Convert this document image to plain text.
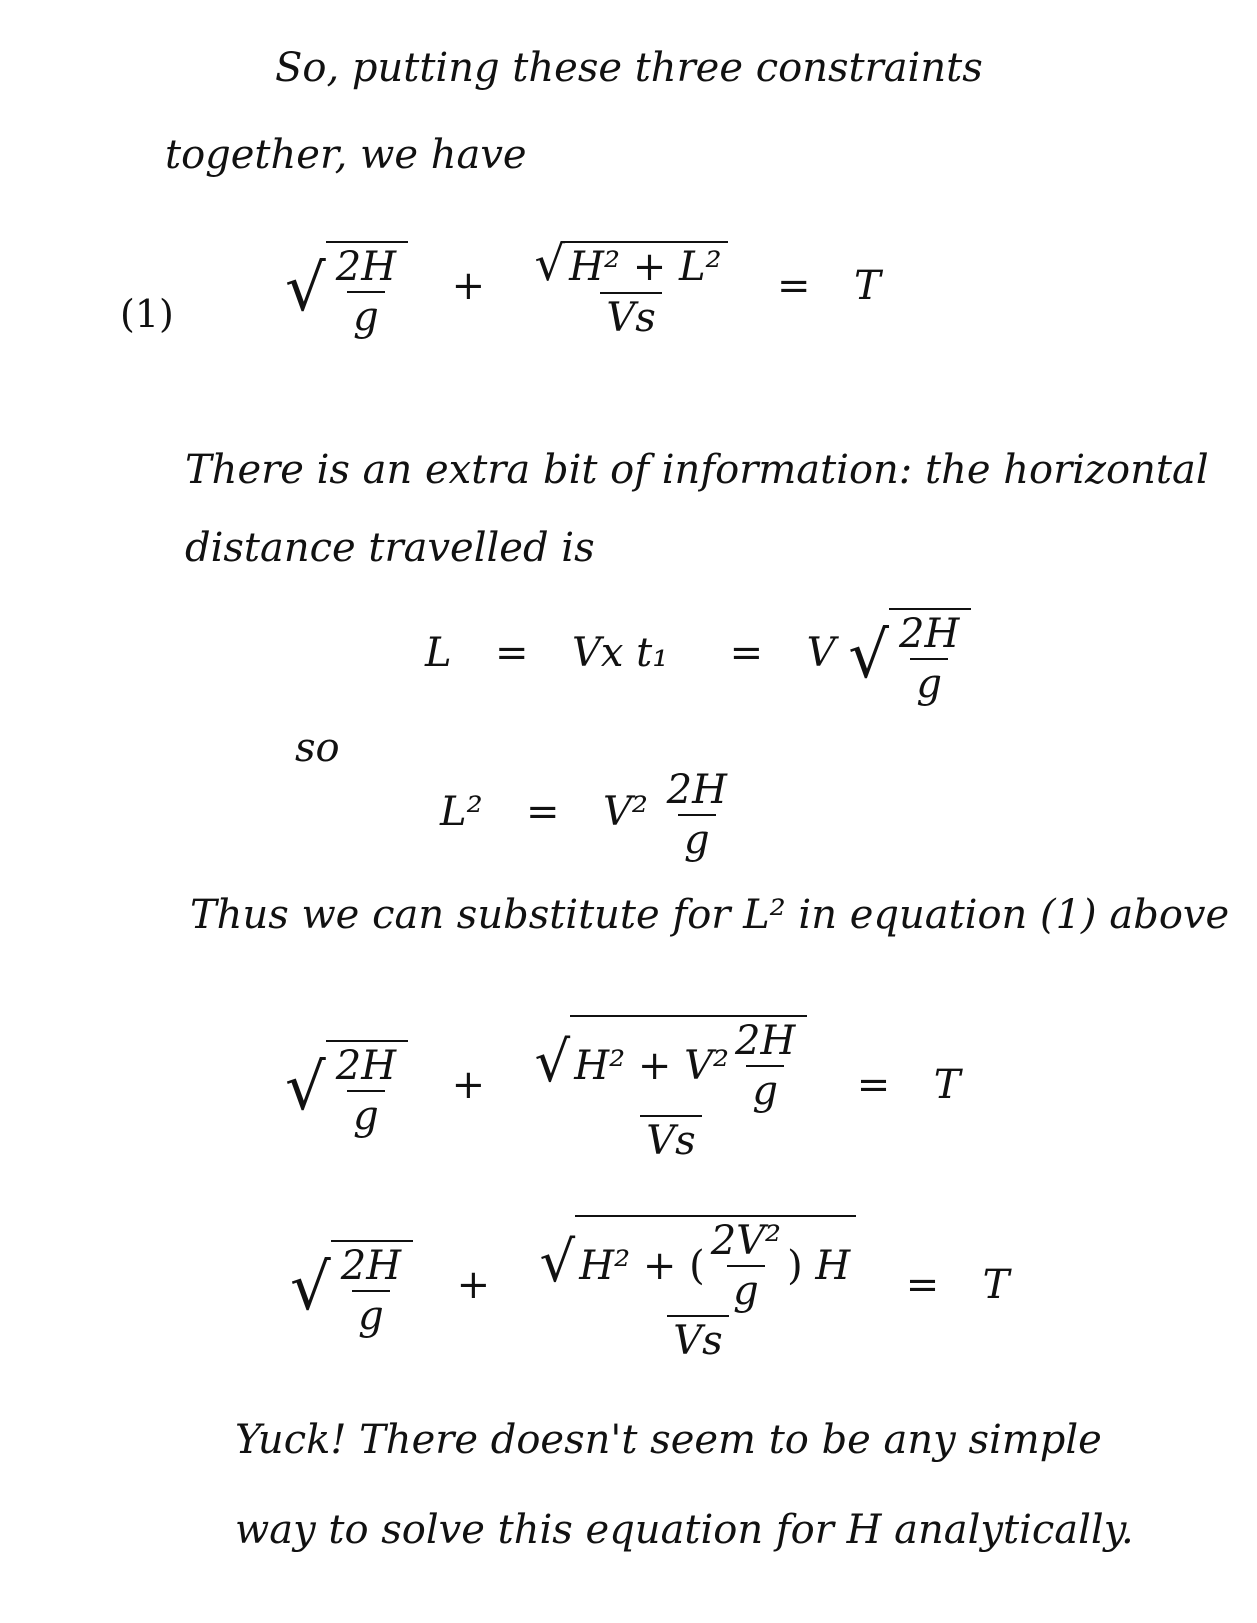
So, putting these three constraints
together, we have
(1) √ $\frac{2H}{g} + \frac{\text{√ H² + L²}}{Vs} = T$
There is an extra bit of information: the horizontal
distance travelled is
L = Vx t₁ = V √ $\frac{2H}{g}$
so
$L^2 = V^2 \frac{2H}{g}$
Thus we can substitute for L² in equation (1) above
√ $\frac{2H}{g}$ + √ $H^2 + V^2 \frac{2H}{g}$
Vs
= T
√ $\frac{2H}{g}$ + √ H² + ( $\frac{\text{2V²}}{g}$ ) H
Vs
= T
Yuck! There doesn't seem to be any simple
way to solve this equation for H analytically.
